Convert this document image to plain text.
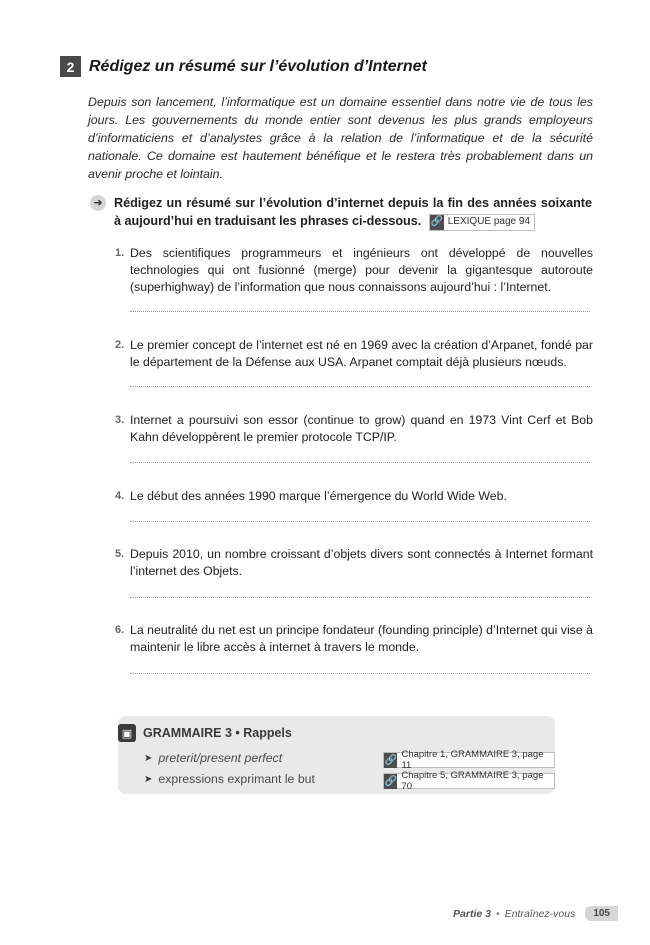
2 Rédigez un résumé sur l’évolution d’Internet
Depuis son lancement, l’informatique est un domaine essentiel dans notre vie de tous les jours. Les gouvernements du monde entier sont devenus les plus grands employeurs d’informaticiens et d’analystes grâce à la relation de l’informatique et de la sécurité nationale. Ce domaine est hautement bénéfique et le restera très probablement dans un avenir proche et lointain.
➜ Rédigez un résumé sur l’évolution d’internet depuis la fin des années soixante à aujourd’hui en traduisant les phrases ci-dessous. 🔗 LEXIQUE page 94
1. Des scientifiques programmeurs et ingénieurs ont développé de nouvelles technologies qui ont fusionné (merge) pour devenir la gigantesque autoroute (superhighway) de l’information que nous connaissons aujourd’hui : l’Internet.
2. Le premier concept de l’internet est né en 1969 avec la création d’Arpanet, fondé par le département de la Défense aux USA. Arpanet comptait déjà plusieurs nœuds.
3. Internet a poursuivi son essor (continue to grow) quand en 1973 Vint Cerf et Bob Kahn développèrent le premier protocole TCP/IP.
4. Le début des années 1990 marque l’émergence du World Wide Web.
5. Depuis 2010, un nombre croissant d’objets divers sont connectés à Internet formant l’internet des Objets.
6. La neutralité du net est un principe fondateur (founding principle) d’Internet qui vise à maintenir le libre accès à internet à travers le monde.
▣ GRAMMAIRE 3 • Rappels
➤ preterit/present perfect	🔗 Chapitre 1, GRAMMAIRE 3, page 11
➤ expressions exprimant le but	🔗 Chapitre 5, GRAMMAIRE 3, page 70
Partie 3 • Entraînez-vous	105
